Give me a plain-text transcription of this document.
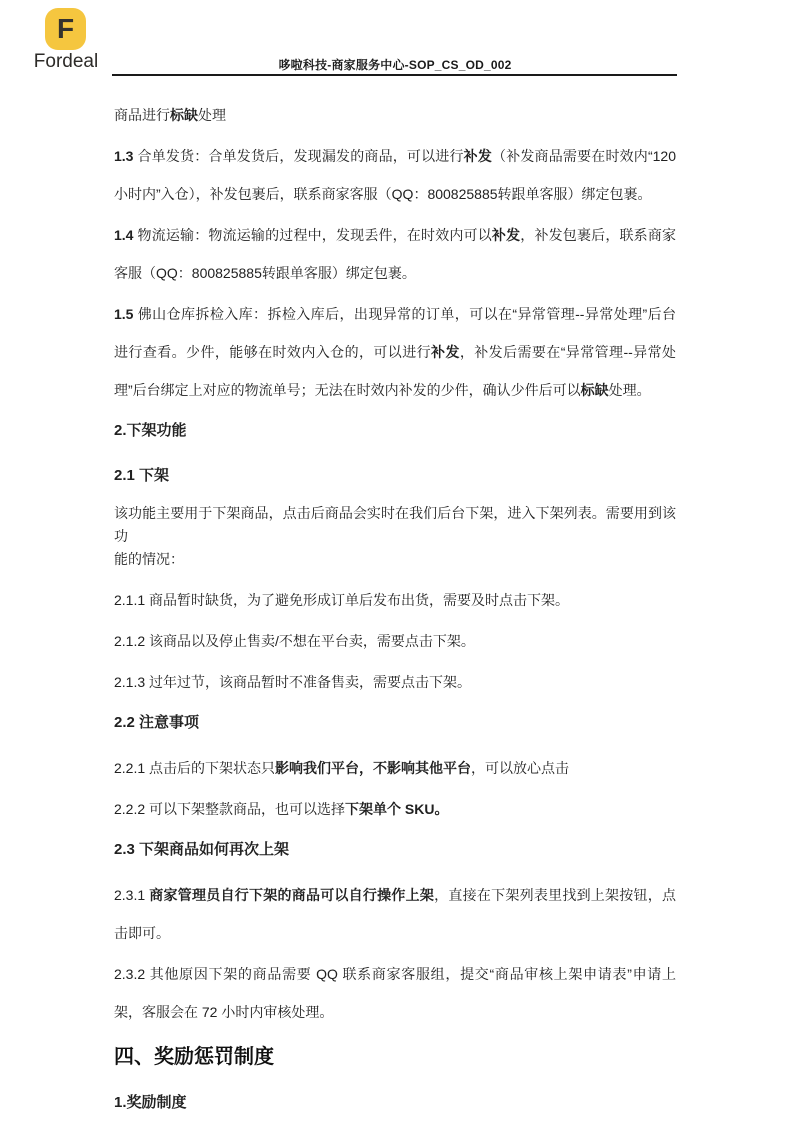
F
Fordeal	哆啦科技-商家服务中心-SOP_CS_OD_002
商品进行标缺处理
1.3 合单发货：合单发货后，发现漏发的商品，可以进行补发（补发商品需要在时效内“120
小时内”入仓），补发包裹后，联系商家客服（QQ：800825885转跟单客服）绑定包裹。
1.4 物流运输：物流运输的过程中，发现丢件，在时效内可以补发，补发包裹后，联系商家
客服（QQ：800825885转跟单客服）绑定包裹。
1.5 佛山仓库拆检入库：拆检入库后，出现异常的订单，可以在“异常管理--异常处理”后台
进行查看。少件，能够在时效内入仓的，可以进行补发，补发后需要在“异常管理--异常处
理”后台绑定上对应的物流单号；无法在时效内补发的少件，确认少件后可以标缺处理。
2.下架功能
2.1 下架
该功能主要用于下架商品，点击后商品会实时在我们后台下架，进入下架列表。需要用到该功
能的情况：
2.1.1 商品暂时缺货，为了避免形成订单后发布出货，需要及时点击下架。
2.1.2 该商品以及停止售卖/不想在平台卖，需要点击下架。
2.1.3 过年过节，该商品暂时不准备售卖，需要点击下架。
2.2 注意事项
2.2.1 点击后的下架状态只影响我们平台，不影响其他平台，可以放心点击
2.2.2 可以下架整款商品，也可以选择下架单个 SKU。
2.3 下架商品如何再次上架
2.3.1 商家管理员自行下架的商品可以自行操作上架，直接在下架列表里找到上架按钮，点
击即可。
2.3.2 其他原因下架的商品需要 QQ 联系商家客服组，提交“商品审核上架申请表”申请上
架，客服会在 72 小时内审核处理。
四、奖励惩罚制度
1.奖励制度
